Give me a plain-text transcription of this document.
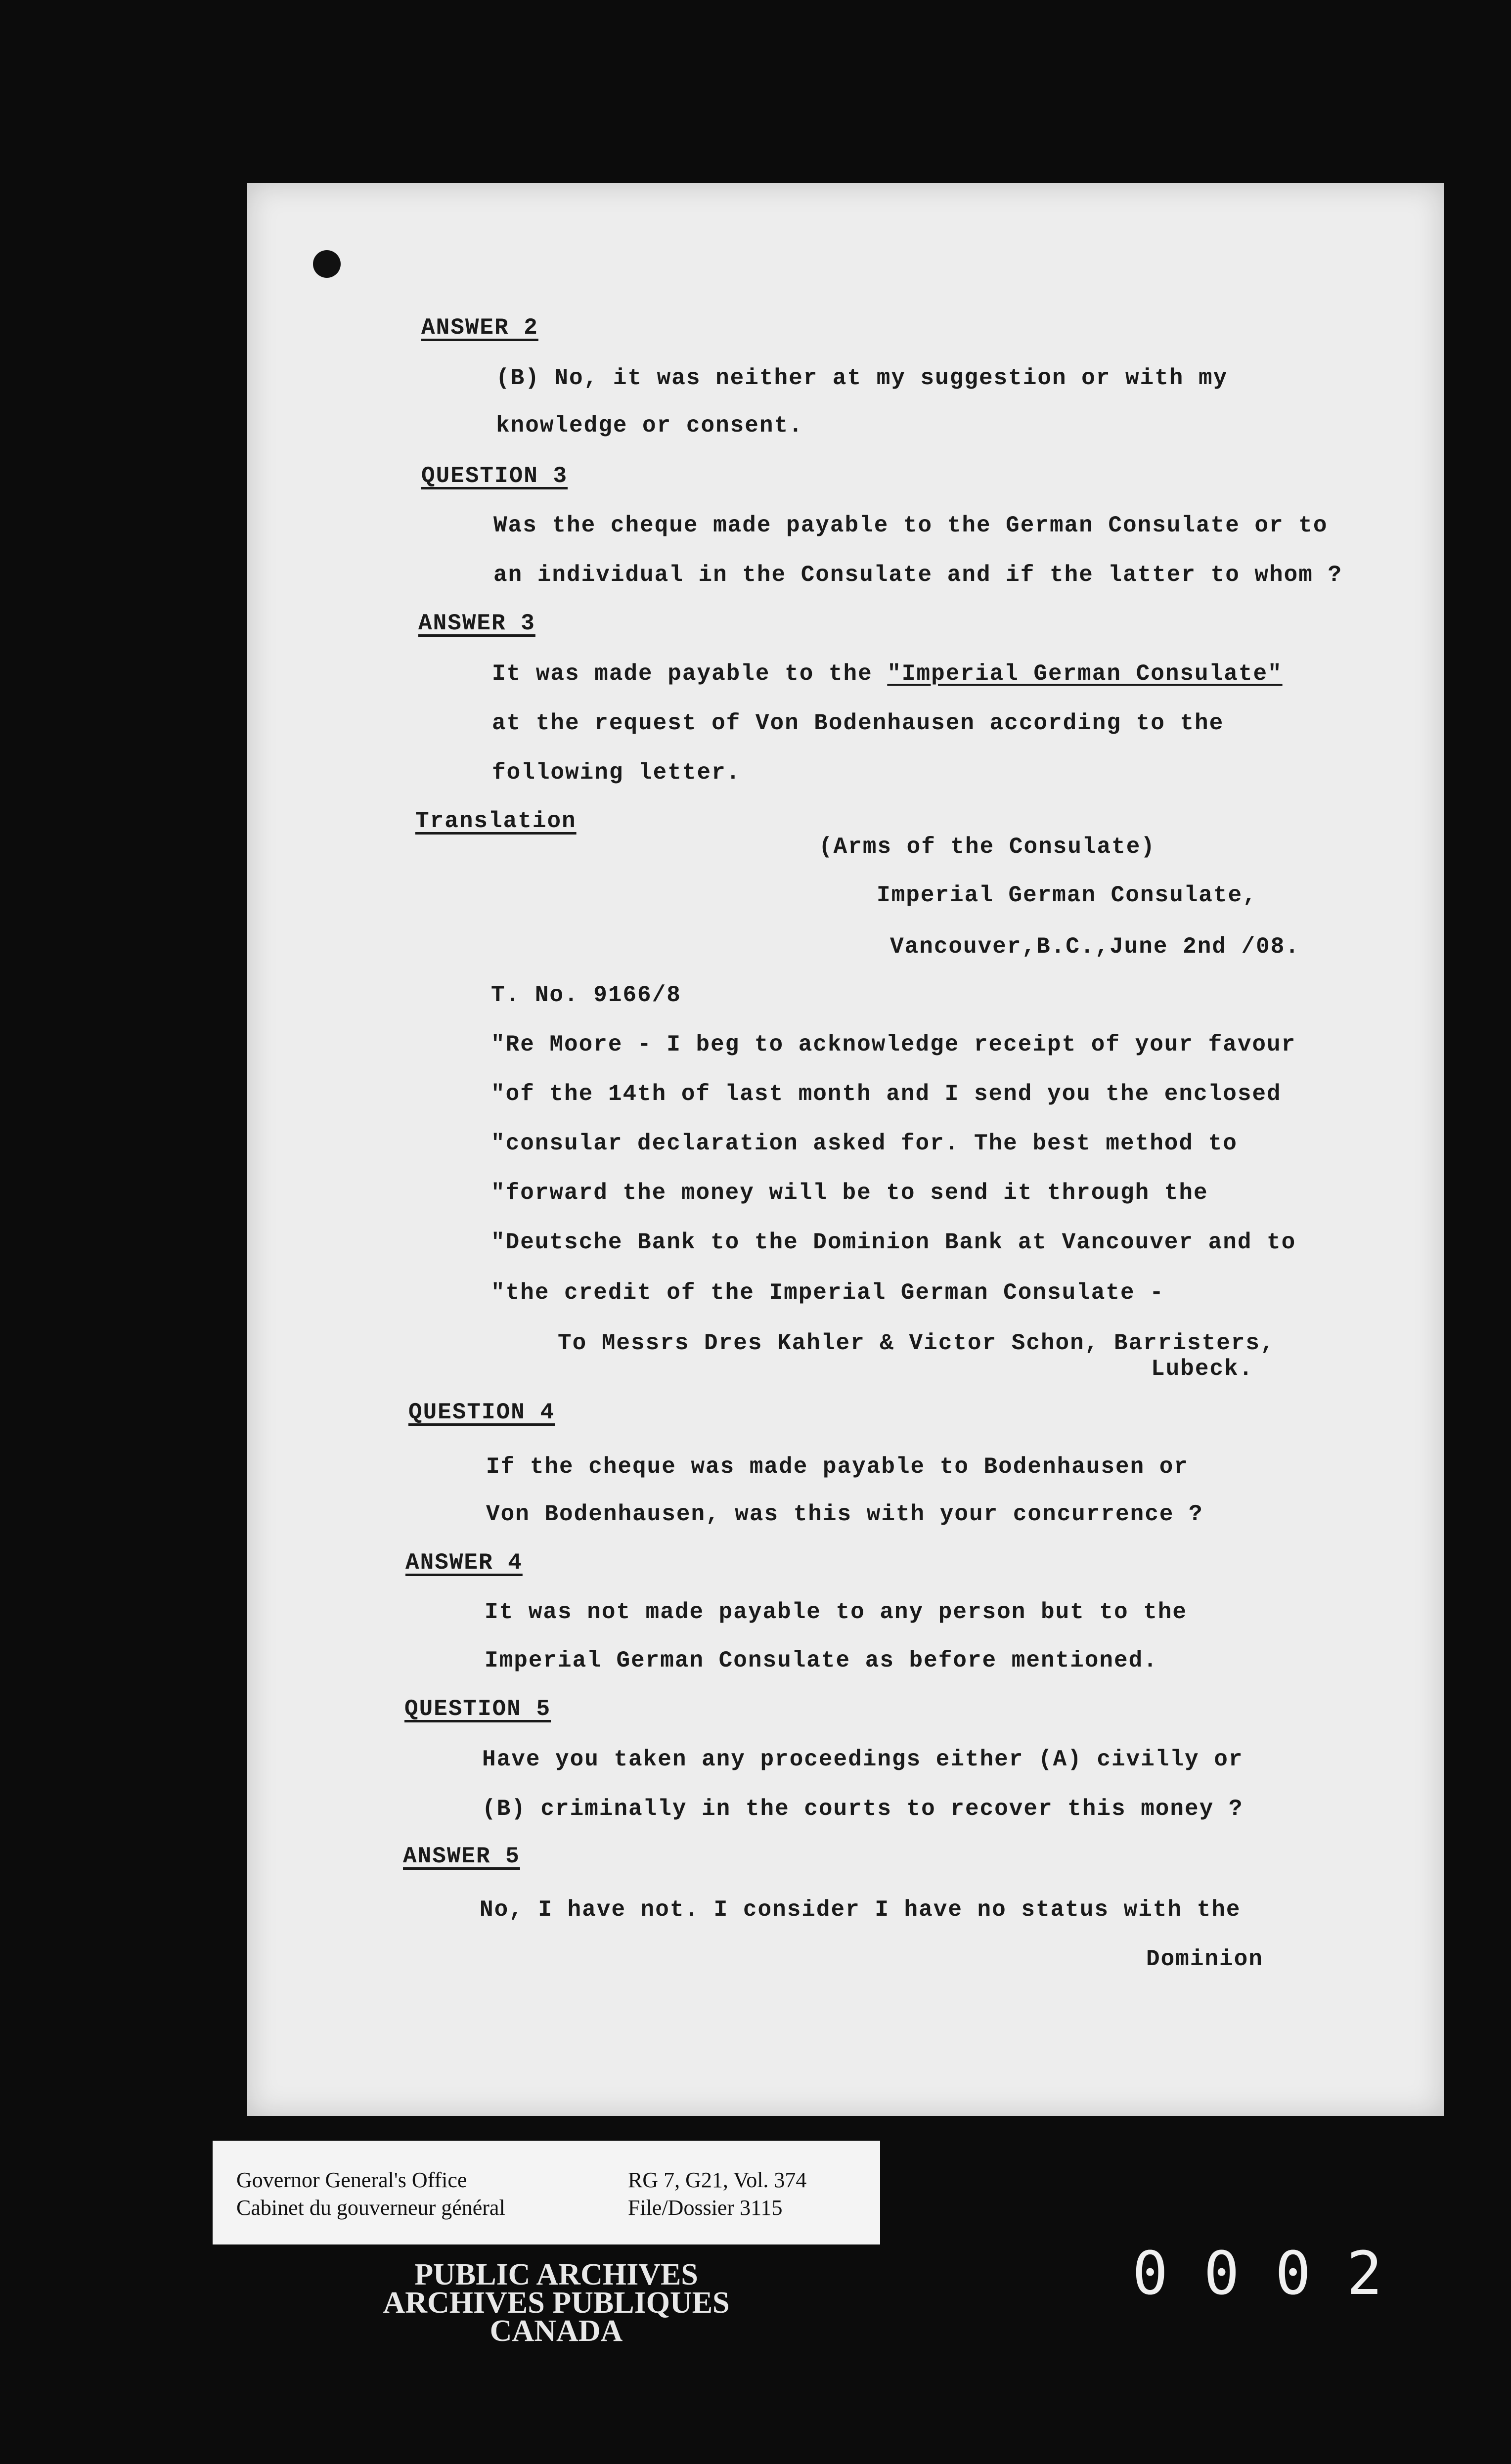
ANSWER 2
(B) No, it was neither at my suggestion or with my
knowledge or consent.
QUESTION 3
Was the cheque made payable to the German Consulate or to
an individual in the Consulate and if the latter to whom ?
ANSWER 3
It was made payable to the "Imperial German Consulate"
at the request of Von Bodenhausen according to the
following letter.
Translation
(Arms of the Consulate)
Imperial German Consulate,
Vancouver,B.C.,June 2nd /08.
T. No. 9166/8
"Re Moore - I beg to acknowledge receipt of your favour
"of the 14th of last month and I send you the enclosed
"consular declaration asked for. The best method to
"forward the money will be to send it through the
"Deutsche Bank to the Dominion Bank at Vancouver and to
"the credit of the Imperial German Consulate -
To Messrs Dres Kahler & Victor Schon, Barristers,
Lubeck.
QUESTION 4
If the cheque was made payable to Bodenhausen or
Von Bodenhausen, was this with your concurrence ?
ANSWER 4
It was not made payable to any person but to the
Imperial German Consulate as before mentioned.
QUESTION 5
Have you taken any proceedings either (A) civilly or
(B) criminally in the courts to recover this money ?
ANSWER 5
No, I have not. I consider I have no status with the
Dominion
Governor General's Office
Cabinet du gouverneur général
RG 7, G21, Vol. 374
File/Dossier 3115
PUBLIC ARCHIVES
ARCHIVES PUBLIQUES
CANADA
0 0 0 2
